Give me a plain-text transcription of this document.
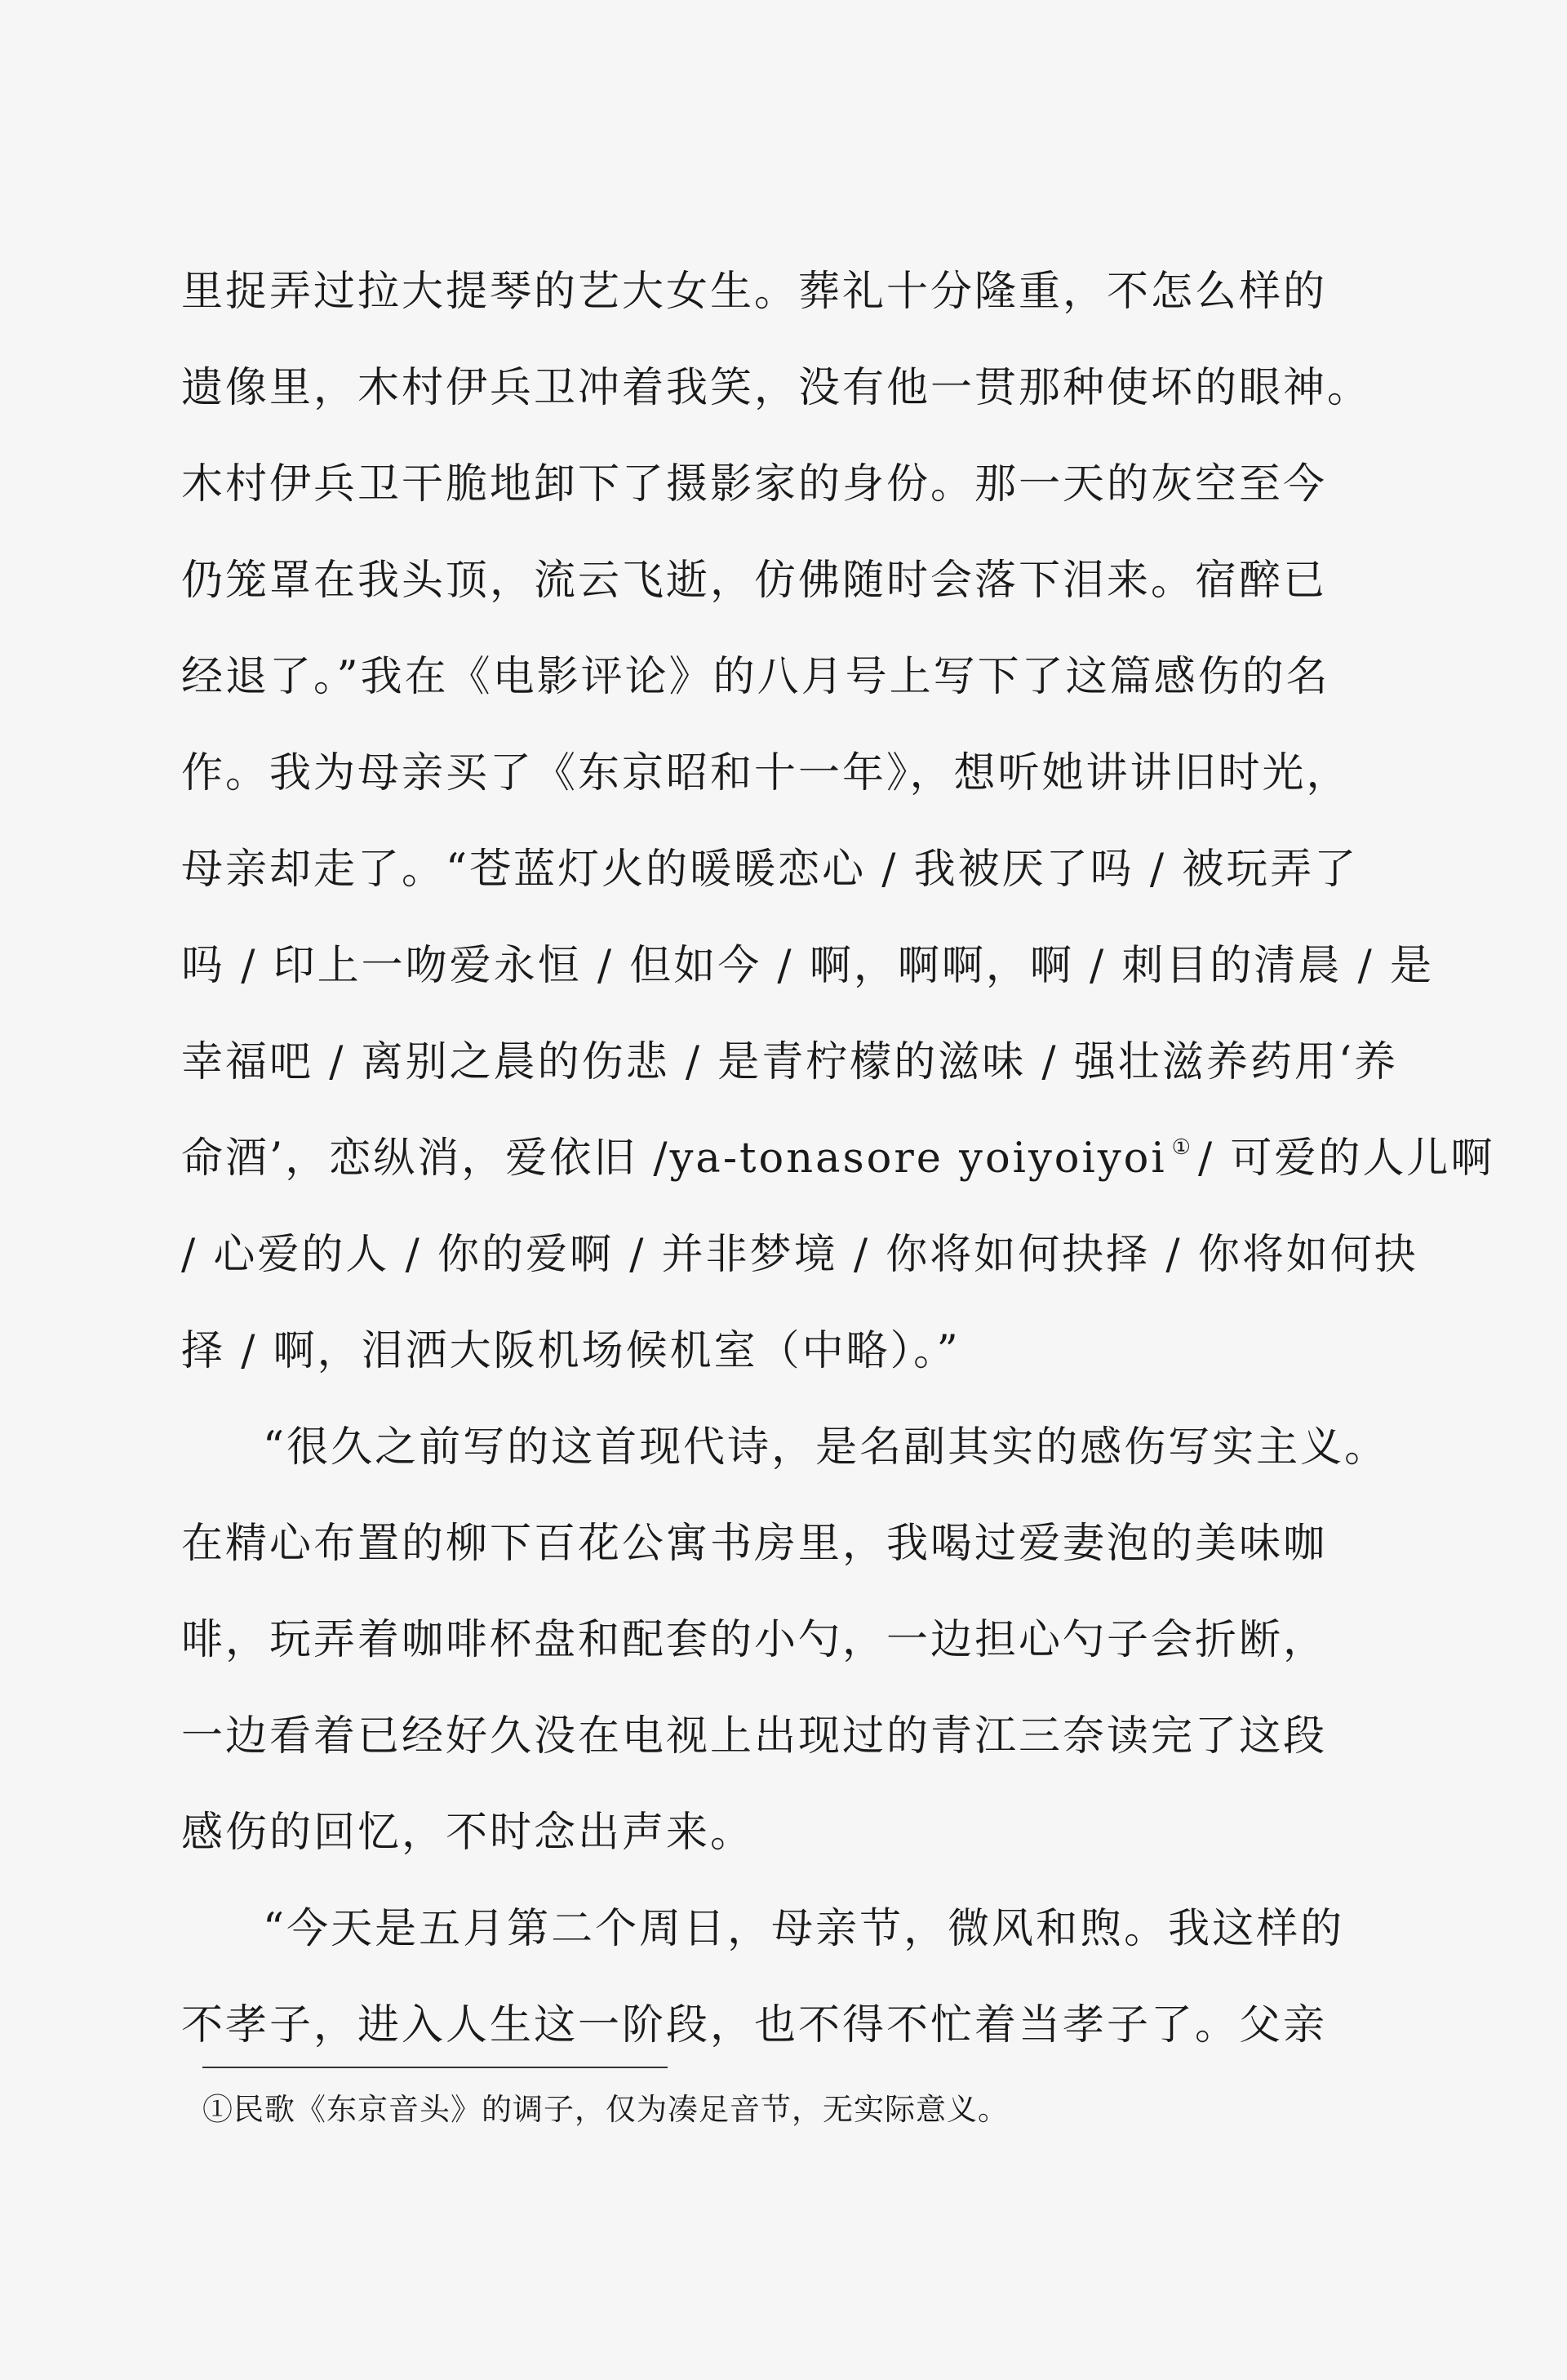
里捉弄过拉大提琴的艺大女生。葬礼十分隆重，不怎么样的
遗像里，木村伊兵卫冲着我笑，没有他一贯那种使坏的眼神。
木村伊兵卫干脆地卸下了摄影家的身份。那一天的灰空至今
仍笼罩在我头顶，流云飞逝，仿佛随时会落下泪来。宿醉已
经退了。”我在《电影评论》的八月号上写下了这篇感伤的名
作。我为母亲买了《东京昭和十一年》，想听她讲讲旧时光，
母亲却走了。“苍蓝灯火的暖暖恋心 / 我被厌了吗 / 被玩弄了
吗 / 印上一吻爱永恒 / 但如今 / 啊，啊啊，啊 / 刺目的清晨 / 是
幸福吧 / 离别之晨的伤悲 / 是青柠檬的滋味 / 强壮滋养药用‘养
命酒’，恋纵消，爱依旧 /ya-tonasore yoiyoiyoi ① / 可爱的人儿啊
/ 心爱的人 / 你的爱啊 / 并非梦境 / 你将如何抉择 / 你将如何抉
择 / 啊，泪洒大阪机场候机室（中略）。”
“很久之前写的这首现代诗，是名副其实的感伤写实主义。
在精心布置的柳下百花公寓书房里，我喝过爱妻泡的美味咖
啡，玩弄着咖啡杯盘和配套的小勺，一边担心勺子会折断，
一边看着已经好久没在电视上出现过的青江三奈读完了这段
感伤的回忆，不时念出声来。
“今天是五月第二个周日，母亲节，微风和煦。我这样的
不孝子，进入人生这一阶段，也不得不忙着当孝子了。父亲
①民歌《东京音头》的调子，仅为凑足音节，无实际意义。
